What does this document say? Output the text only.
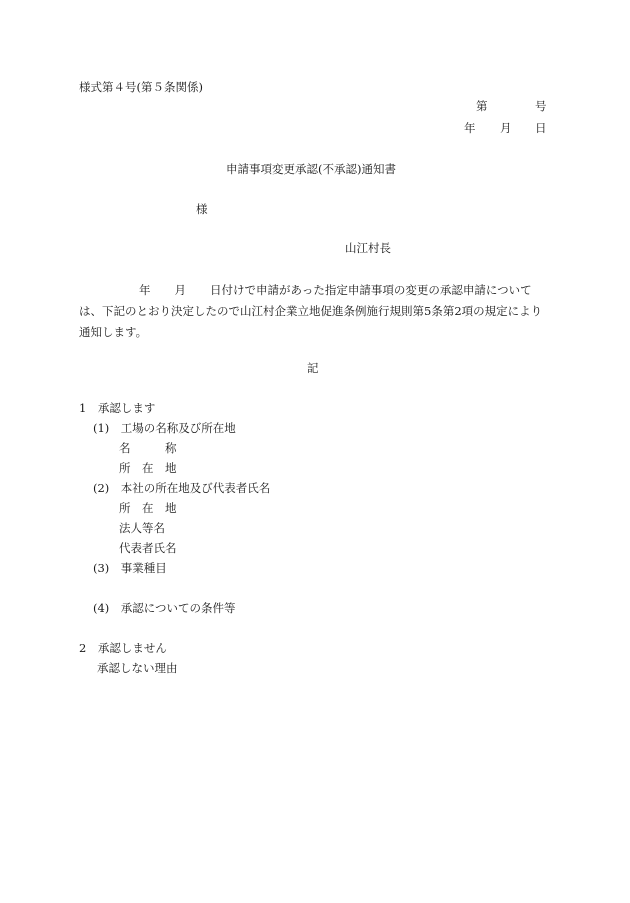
様式第４号(第５条関係)
第	号
年 月 日
申請事項変更承認(不承認)通知書
様
山江村長
年 月 日付けで申請があった指定申請事項の変更の承認申請について
は、下記のとおり決定したので山江村企業立地促進条例施行規則第5条第2項の規定により
通知します。
記
1　承認します
(1)　工場の名称及び所在地
名　　　称
所　在　地
(2)　本社の所在地及び代表者氏名
所　在　地
法人等名
代表者氏名
(3)　事業種目
(4)　承認についての条件等
2　承認しません
承認しない理由
